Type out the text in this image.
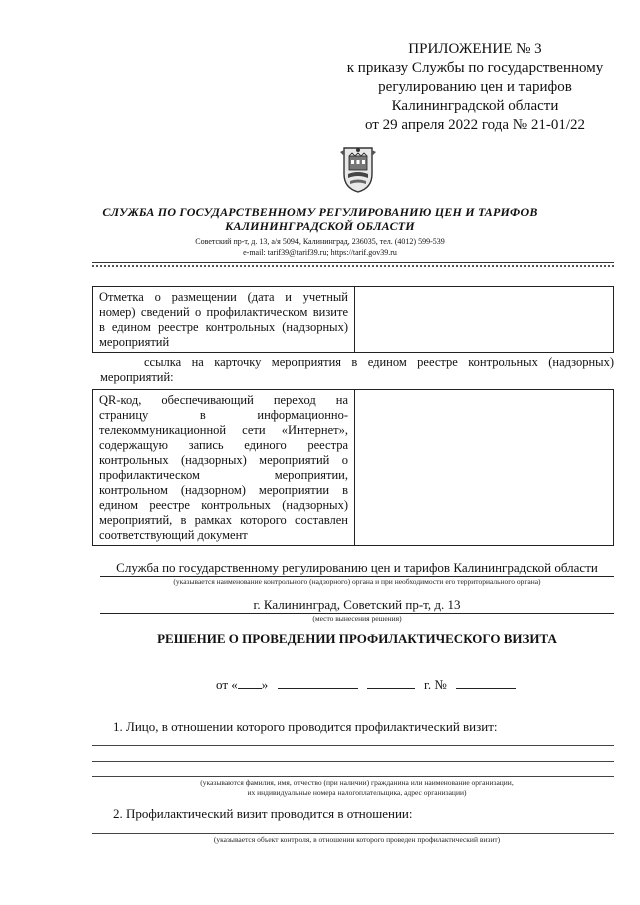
ПРИЛОЖЕНИЕ № 3
к приказу Службы по государственному
регулированию цен и тарифов
Калининградской области
от 29 апреля 2022 года № 21-01/22
СЛУЖБА ПО ГОСУДАРСТВЕННОМУ РЕГУЛИРОВАНИЮ ЦЕН И ТАРИФОВ
КАЛИНИНГРАДСКОЙ ОБЛАСТИ
Советский пр-т, д. 13, а/я 5094, Калининград, 236035, тел. (4012) 599-539
e-mail: tarif39@tarif39.ru; https://tarif.gov39.ru
Отметка о размещении (дата и учетный номер) сведений о профилактическом визите в едином реестре контрольных (надзорных) мероприятий	
ссылка на карточку мероприятия в едином реестре контрольных (надзорных) мероприятий:
QR-код, обеспечивающий переход на страницу в информационно-телекоммуникационной сети «Интернет», содержащую запись единого реестра контрольных (надзорных) мероприятий о профилактическом мероприятии, контрольном (надзорном) мероприятии в едином реестре контрольных (надзорных) мероприятий, в рамках которого составлен соответствующий документ	
Служба по государственному регулированию цен и тарифов Калининградской области
(указывается наименование контрольного (надзорного) органа и при необходимости его территориального органа)
г. Калининград, Советский пр-т, д. 13
(место вынесения решения)
РЕШЕНИЕ О ПРОВЕДЕНИИ ПРОФИЛАКТИЧЕСКОГО ВИЗИТА
от « »	г. №
1. Лицо, в отношении которого проводится профилактический визит:
(указываются фамилия, имя, отчество (при наличии) гражданина или наименование организации,
их индивидуальные номера налогоплательщика, адрес организации)
2. Профилактический визит проводится в отношении:
(указывается объект контроля, в отношении которого проведен профилактический визит)
